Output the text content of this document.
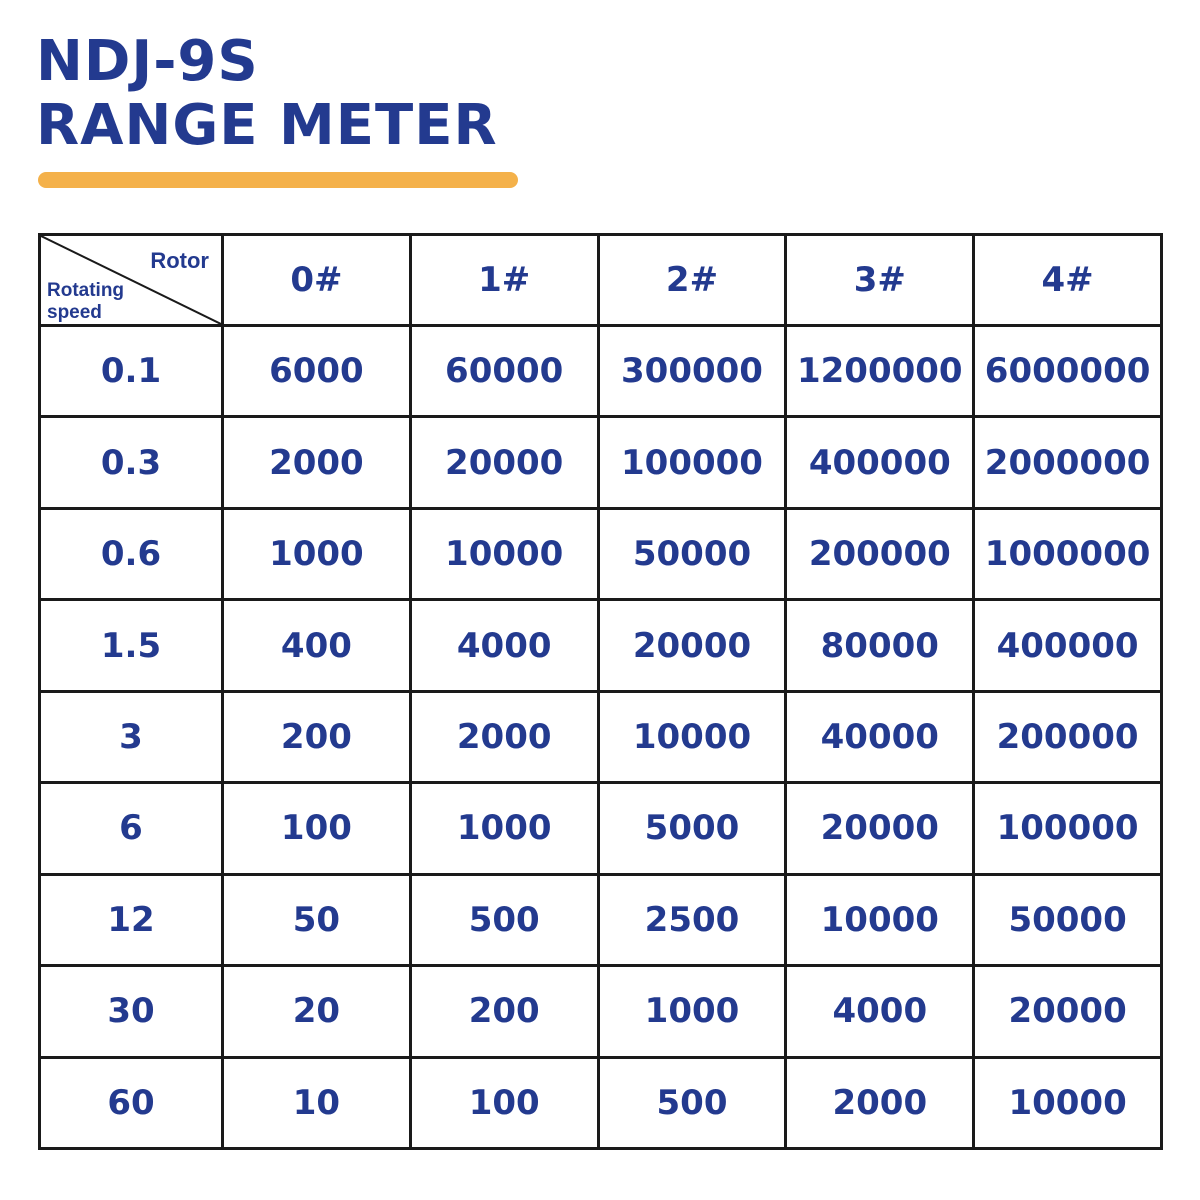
NDJ-9S
RANGE METER
Rotor
Rotating
speed	0#	1#	2#	3#	4#
0.1	6000	60000	300000	1200000	6000000
0.3	2000	20000	100000	400000	2000000
0.6	1000	10000	50000	200000	1000000
1.5	400	4000	20000	80000	400000
3	200	2000	10000	40000	200000
6	100	1000	5000	20000	100000
12	50	500	2500	10000	50000
30	20	200	1000	4000	20000
60	10	100	500	2000	10000
